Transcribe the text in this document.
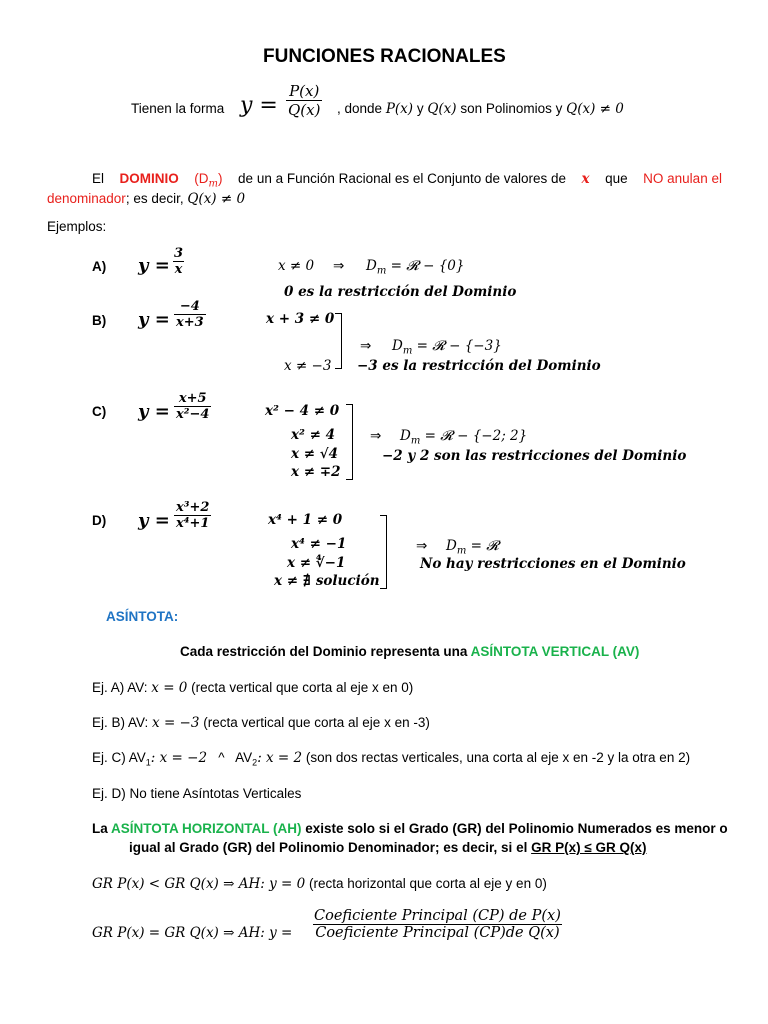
FUNCIONES RACIONALES
Tienen la forma $y = \frac{P(x)}{Q(x)}$ , donde P(x) y Q(x) son Polinomios y Q(x) ≠ 0
El DOMINIO $(D_m)$ de un a Función Racional es el Conjunto de valores de x que NO anulan el
denominador; es decir, Q(x) ≠ 0
Ejemplos:
A) $y = \frac{3}{x}$	x ≠ 0 ⇒ $D_m$ = 𝓡 − {0}
0 es la restricción del Dominio
B) $y = \frac{-4}{x+3}$	x + 3 ≠ 0
x ≠ −3
⇒ $D_m$ = 𝓡 − {−3}
−3 es la restricción del Dominio
C) $y = \frac{x+5}{\text{x²−4}}$	x² − 4 ≠ 0
x² ≠ 4
x ≠ √4
x ≠ ∓2
⇒ $D_m$ = 𝓡 − {−2; 2}
−2 y 2 son las restricciones del Dominio
D) $y = \frac{\text{x³+2}}{\text{x⁴+1}}$	x⁴ + 1 ≠ 0
x⁴ ≠ −1
x ≠ ∜−1
x ≠ ∄ solución
⇒ $D_m$ = 𝓡
No hay restricciones en el Dominio
ASÍNTOTA:
Cada restricción del Dominio representa una ASÍNTOTA VERTICAL (AV)
Ej. A) AV: x = 0 (recta vertical que corta al eje x en 0)
Ej. B) AV: x = −3 (recta vertical que corta al eje x en -3)
Ej. C) $AV_1$: x = −2 ^ $AV_2$: x = 2 (son dos rectas verticales, una corta al eje x en -2 y la otra en 2)
Ej. D) No tiene Asíntotas Verticales
La ASÍNTOTA HORIZONTAL (AH) existe solo si el Grado (GR) del Polinomio Numerados es menor o
igual al Grado (GR) del Polinomio Denominador; es decir, si el GR P(x) ≤ GR Q(x)
GR P(x) < GR Q(x) ⇒ AH: y = 0 (recta horizontal que corta al eje y en 0)
GR P(x) = GR Q(x) ⇒ AH: y =
Coeficiente Principal (CP) de P(x)
Coeficiente Principal (CP)de Q(x)
